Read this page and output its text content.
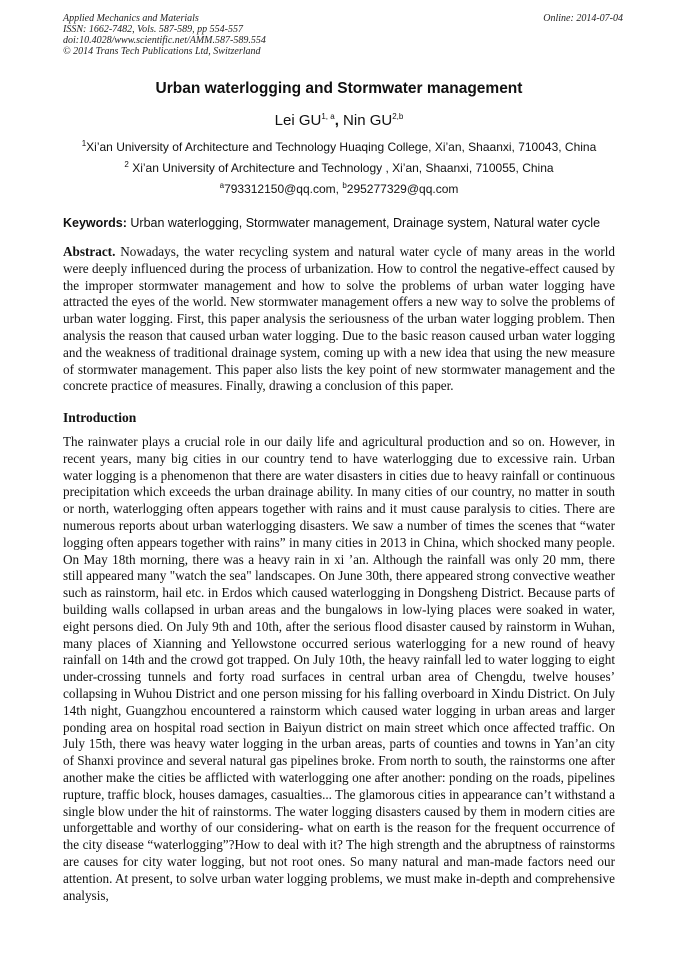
Applied Mechanics and Materials
ISSN: 1662-7482, Vols. 587-589, pp 554-557
doi:10.4028/www.scientific.net/AMM.587-589.554
© 2014 Trans Tech Publications Ltd, Switzerland
Online: 2014-07-04
Urban waterlogging and Stormwater management
Lei GU$^{1, a}$, Nin GU$^{2,b}$
$^1$Xi’an University of Architecture and Technology Huaqing College, Xi’an, Shaanxi, 710043, China
$^2$ Xi’an University of Architecture and Technology , Xi’an, Shaanxi, 710055, China
$^a$793312150@qq.com, $^b$295277329@qq.com
Keywords: Urban waterlogging, Stormwater management, Drainage system, Natural water cycle

Abstract. Nowadays, the water recycling system and natural water cycle of many areas in the world were deeply influenced during the process of urbanization. How to control the negative-effect caused by the improper stormwater management and how to solve the problems of urban water logging have attracted the eyes of the world. New stormwater management offers a new way to solve the problems of urban water logging. First, this paper analysis the seriousness of the urban water logging problem. Then analysis the reason that caused urban water logging. Due to the basic reason caused urban water logging and the weakness of traditional drainage system, coming up with a new idea that using the new measure of stormwater management. This paper also lists the key point of new stormwater management and the concrete practice of measures. Finally, drawing a conclusion of this paper.

Introduction

The rainwater plays a crucial role in our daily life and agricultural production and so on. However, in recent years, many big cities in our country tend to have waterlogging due to excessive rain. Urban water logging is a phenomenon that there are water disasters in cities due to heavy rainfall or continuous precipitation which exceeds the urban drainage ability. In many cities of our country, no matter in south or north, waterlogging often appears together with rains and it must cause paralysis to cities. There are numerous reports about urban waterlogging disasters. We saw a number of times the scenes that “water logging often appears together with rains” in many cities in 2013 in China, which shocked many people. On May 18th morning, there was a heavy rain in xi ’an. Although the rainfall was only 20 mm, there still appeared many "watch the sea" landscapes. On June 30th, there appeared strong convective weather such as rainstorm, hail etc. in Erdos which caused waterlogging in Dongsheng District. Because parts of building walls collapsed in urban areas and the bungalows in low-lying places were soaked in water, eight persons died. On July 9th and 10th, after the serious flood disaster caused by rainstorm in Wuhan, many places of Xianning and Yellowstone occurred serious waterlogging for a new round of heavy rainfall on 14th and the crowd got trapped. On July 10th, the heavy rainfall led to water logging to eight under-crossing tunnels and forty road surfaces in central urban area of Chengdu, twelve houses’ collapsing in Wuhou District and one person missing for his falling overboard in Xindu District. On July 14th night, Guangzhou encountered a rainstorm which caused water logging in urban areas and larger ponding area on hospital road section in Baiyun district on main street which once affected traffic. On July 15th, there was heavy water logging in the urban areas, parts of counties and towns in Yan’an city of Shanxi province and several natural gas pipelines broke. From north to south, the rainstorms one after another make the cities be afflicted with waterlogging one after another: ponding on the roads, pipelines rupture, traffic block, houses damages, casualties... The glamorous cities in appearance can’t withstand a single blow under the hit of rainstorms. The water logging disasters caused by them in modern cities are unforgettable and worthy of our considering- what on earth is the reason for the frequent occurrence of the city disease “waterlogging”?How to deal with it? The high strength and the abruptness of rainstorms are causes for city water logging, but not root ones. So many natural and man-made factors need our attention. At present, to solve urban water logging problems, we must make in-depth and comprehensive analysis,
